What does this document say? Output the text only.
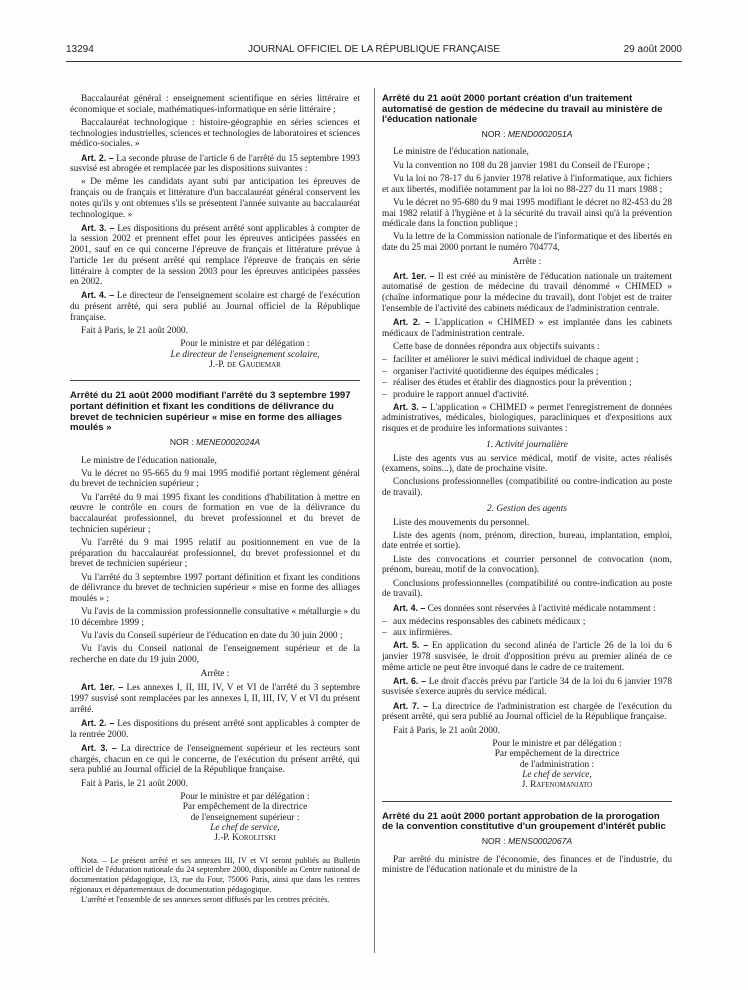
13294	JOURNAL OFFICIEL DE LA RÉPUBLIQUE FRANÇAISE	29 août 2000

Baccalauréat général : enseignement scientifique en séries littéraire et économique et sociale, mathématiques-informatique en série littéraire ;

Baccalauréat technologique : histoire-géographie en séries sciences et technologies industrielles, sciences et technologies de laboratoires et sciences médico-sociales. »

Art. 2. – La seconde phrase de l'article 6 de l'arrêté du 15 septembre 1993 susvisé est abrogée et remplacée par les dispositions suivantes :

« De même les candidats ayant subi par anticipation les épreuves de français ou de français et littérature d'un baccalauréat général conservent les notes qu'ils y ont obtenues s'ils se présentent l'année suivante au baccalauréat technologique. »

Art. 3. – Les dispositions du présent arrêté sont applicables à compter de la session 2002 et prennent effet pour les épreuves anticipées passées en 2001, sauf en ce qui concerne l'épreuve de français et littérature prévue à l'article 1er du présent arrêté qui remplace l'épreuve de français en série littéraire à compter de la session 2003 pour les épreuves anticipées passées en 2002.

Art. 4. – Le directeur de l'enseignement scolaire est chargé de l'exécution du présent arrêté, qui sera publié au Journal officiel de la République française.

Fait à Paris, le 21 août 2000.

Pour le ministre et par délégation :

Le directeur de l'enseignement scolaire,

J.-P. de Gaudemar

Arrêté du 21 août 2000 modifiant l'arrêté du 3 septembre 1997 portant définition et fixant les conditions de délivrance du brevet de technicien supérieur « mise en forme des alliages moulés »
NOR : MENE0002024A

Le ministre de l'éducation nationale,

Vu le décret no 95-665 du 9 mai 1995 modifié portant règlement général du brevet de technicien supérieur ;

Vu l'arrêté du 9 mai 1995 fixant les conditions d'habilitation à mettre en œuvre le contrôle en cours de formation en vue de la délivrance du baccalauréat professionnel, du brevet professionnel et du brevet de technicien supérieur ;

Vu l'arrêté du 9 mai 1995 relatif au positionnement en vue de la préparation du baccalauréat professionnel, du brevet professionnel et du brevet de technicien supérieur ;

Vu l'arrêté du 3 septembre 1997 portant définition et fixant les conditions de délivrance du brevet de technicien supérieur « mise en forme des alliages moulés » ;

Vu l'avis de la commission professionnelle consultative « métallurgie » du 10 décembre 1999 ;

Vu l'avis du Conseil supérieur de l'éducation en date du 30 juin 2000 ;

Vu l'avis du Conseil national de l'enseignement supérieur et de la recherche en date du 19 juin 2000,

Arrête :

Art. 1er. – Les annexes I, II, III, IV, V et VI de l'arrêté du 3 septembre 1997 susvisé sont remplacées par les annexes I, II, III, IV, V et VI du présent arrêté.

Art. 2. – Les dispositions du présent arrêté sont applicables à compter de la rentrée 2000.

Art. 3. – La directrice de l'enseignement supérieur et les recteurs sont chargés, chacun en ce qui le concerne, de l'exécution du présent arrêté, qui sera publié au Journal officiel de la République française.

Fait à Paris, le 21 août 2000.

Pour le ministre et par délégation :

Par empêchement de la directrice

de l'enseignement supérieur :

Le chef de service,

J.-P. Korolitski

Nota. – Le présent arrêté et ses annexes III, IV et VI seront publiés au Bulletin officiel de l'éducation nationale du 24 septembre 2000, disponible au Centre national de documentation pédagogique, 13, rue du Four, 75006 Paris, ainsi que dans les centres régionaux et départementaux de documentation pédagogique.

L'arrêté et l'ensemble de ses annexes seront diffusés par les centres précités.

Arrêté du 21 août 2000 portant création d'un traitement automatisé de gestion de médecine du travail au ministère de l'éducation nationale
NOR : MEND0002051A

Le ministre de l'éducation nationale,

Vu la convention no 108 du 28 janvier 1981 du Conseil de l'Europe ;

Vu la loi no 78-17 du 6 janvier 1978 relative à l'informatique, aux fichiers et aux libertés, modifiée notamment par la loi no 88-227 du 11 mars 1988 ;

Vu le décret no 95-680 du 9 mai 1995 modifiant le décret no 82-453 du 28 mai 1982 relatif à l'hygiène et à la sécurité du travail ainsi qu'à la prévention médicale dans la fonction publique ;

Vu la lettre de la Commission nationale de l'informatique et des libertés en date du 25 mai 2000 portant le numéro 704774,

Arrête :

Art. 1er. – Il est créé au ministère de l'éducation nationale un traitement automatisé de gestion de médecine du travail dénommé « CHIMED » (chaîne informatique pour la médecine du travail), dont l'objet est de traiter l'ensemble de l'activité des cabinets médicaux de l'administration centrale.

Art. 2. – L'application « CHIMED » est implantée dans les cabinets médicaux de l'administration centrale.

Cette base de données répondra aux objectifs suivants :

– faciliter et améliorer le suivi médical individuel de chaque agent ;

– organiser l'activité quotidienne des équipes médicales ;

– réaliser des études et établir des diagnostics pour la prévention ;

– produire le rapport annuel d'activité.

Art. 3. – L'application « CHIMED » permet l'enregistrement de données administratives, médicales, biologiques, paracliniques et d'expositions aux risques et de produire les informations suivantes :

1. Activité journalière

Liste des agents vus au service médical, motif de visite, actes réalisés (examens, soins...), date de prochaine visite.

Conclusions professionnelles (compatibilité ou contre-indication au poste de travail).

2. Gestion des agents

Liste des mouvements du personnel.

Liste des agents (nom, prénom, direction, bureau, implantation, emploi, date entrée et sortie).

Liste des convocations et courrier personnel de convocation (nom, prénom, bureau, motif de la convocation).

Conclusions professionnelles (compatibilité ou contre-indication au poste de travail).

Art. 4. – Ces données sont réservées à l'activité médicale notamment :

– aux médecins responsables des cabinets médicaux ;

– aux infirmières.

Art. 5. – En application du second alinéa de l'article 26 de la loi du 6 janvier 1978 susvisée, le droit d'opposition prévu au premier alinéa de ce même article ne peut être invoqué dans le cadre de ce traitement.

Art. 6. – Le droit d'accès prévu par l'article 34 de la loi du 6 janvier 1978 susvisée s'exerce auprès du service médical.

Art. 7. – La directrice de l'administration est chargée de l'exécution du présent arrêté, qui sera publié au Journal officiel de la République française.

Fait à Paris, le 21 août 2000.

Pour le ministre et par délégation :

Par empêchement de la directrice

de l'administration :

Le chef de service,

J. Rafenomanjato

Arrêté du 21 août 2000 portant approbation de la prorogation de la convention constitutive d'un groupement d'intérêt public
NOR : MENS0002067A

Par arrêté du ministre de l'économie, des finances et de l'industrie, du ministre de l'éducation nationale et du ministre de la
